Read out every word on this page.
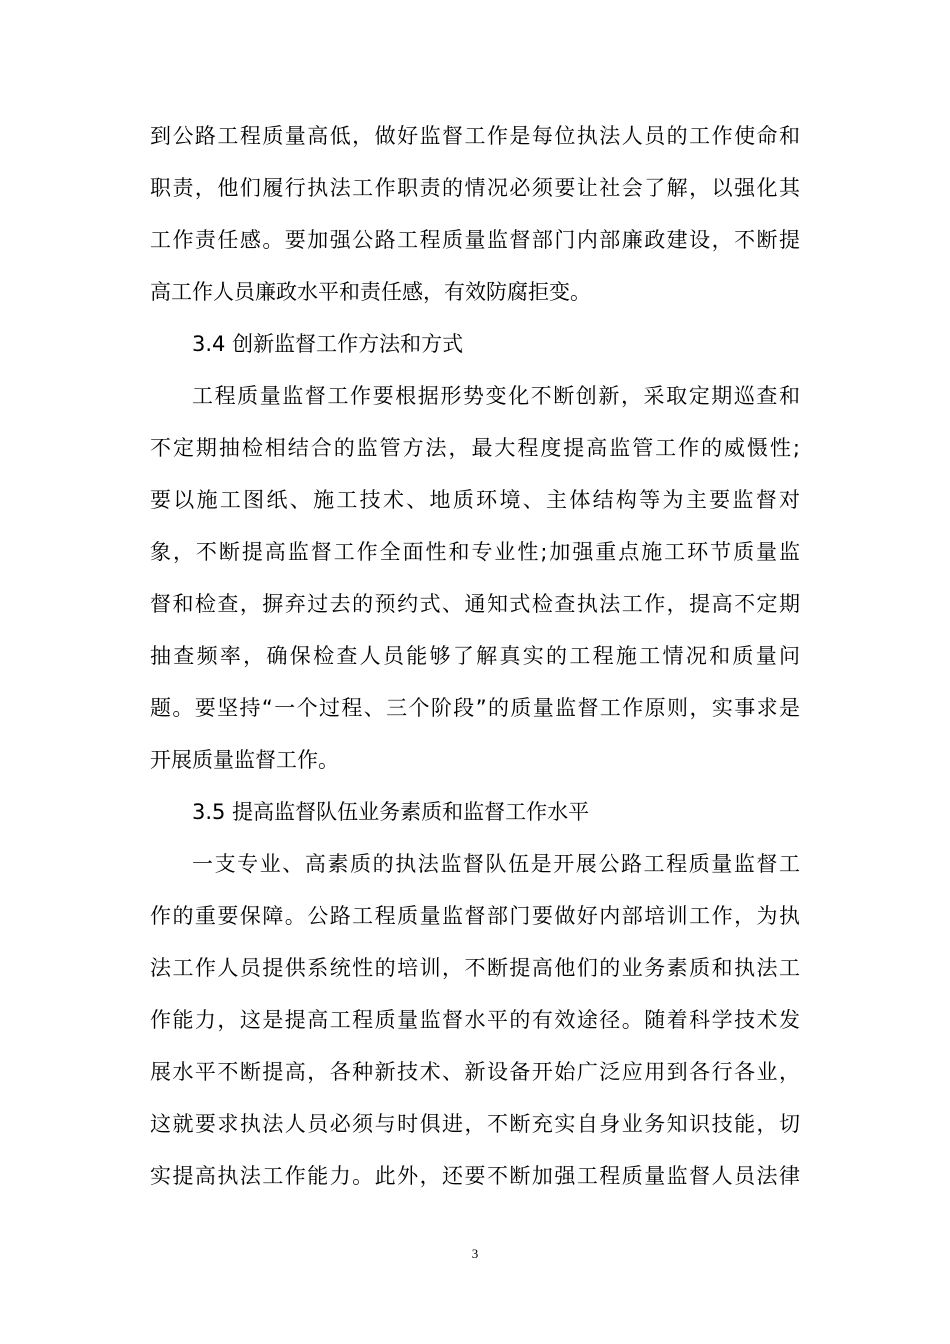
到公路工程质量高低，做好监督工作是每位执法人员的工作使命和
职责，他们履行执法工作职责的情况必须要让社会了解，以强化其
工作责任感。要加强公路工程质量监督部门内部廉政建设，不断提
高工作人员廉政水平和责任感，有效防腐拒变。
3.4 创新监督工作方法和方式
工程质量监督工作要根据形势变化不断创新，采取定期巡查和
不定期抽检相结合的监管方法，最大程度提高监管工作的威慑性;
要以施工图纸、施工技术、地质环境、主体结构等为主要监督对
象，不断提高监督工作全面性和专业性;加强重点施工环节质量监
督和检查，摒弃过去的预约式、通知式检查执法工作，提高不定期
抽查频率，确保检查人员能够了解真实的工程施工情况和质量问
题。要坚持“一个过程、三个阶段”的质量监督工作原则，实事求是
开展质量监督工作。
3.5 提高监督队伍业务素质和监督工作水平
一支专业、高素质的执法监督队伍是开展公路工程质量监督工
作的重要保障。公路工程质量监督部门要做好内部培训工作，为执
法工作人员提供系统性的培训，不断提高他们的业务素质和执法工
作能力，这是提高工程质量监督水平的有效途径。随着科学技术发
展水平不断提高，各种新技术、新设备开始广泛应用到各行各业，
这就要求执法人员必须与时俱进，不断充实自身业务知识技能，切
实提高执法工作能力。此外，还要不断加强工程质量监督人员法律
3
